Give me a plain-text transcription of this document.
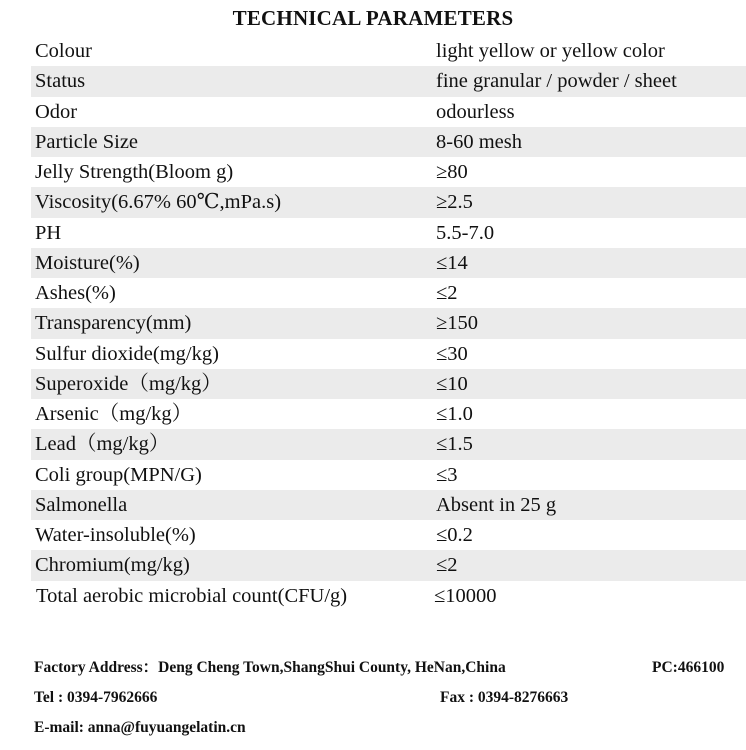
TECHNICAL PARAMETERS
Colour	light yellow or yellow color
Status	fine granular / powder / sheet
Odor	odourless
Particle Size	8-60 mesh
Jelly Strength(Bloom g)	≥80
Viscosity(6.67% 60℃,mPa.s)	≥2.5
PH	5.5-7.0
Moisture(%)	≤14
Ashes(%)	≤2
Transparency(mm)	≥150
Sulfur dioxide(mg/kg)	≤30
Superoxide（mg/kg）	≤10
Arsenic（mg/kg）	≤1.0
Lead（mg/kg）	≤1.5
Coli group(MPN/G)	≤3
Salmonella	Absent in 25 g
Water-insoluble(%)	≤0.2
Chromium(mg/kg)	≤2
Total aerobic microbial count(CFU/g)	≤10000
Factory Address：Deng Cheng Town,ShangShui County, HeNan,China	PC:466100
Tel : 0394-7962666	Fax : 0394-8276663
E-mail: anna@fuyuangelatin.cn
